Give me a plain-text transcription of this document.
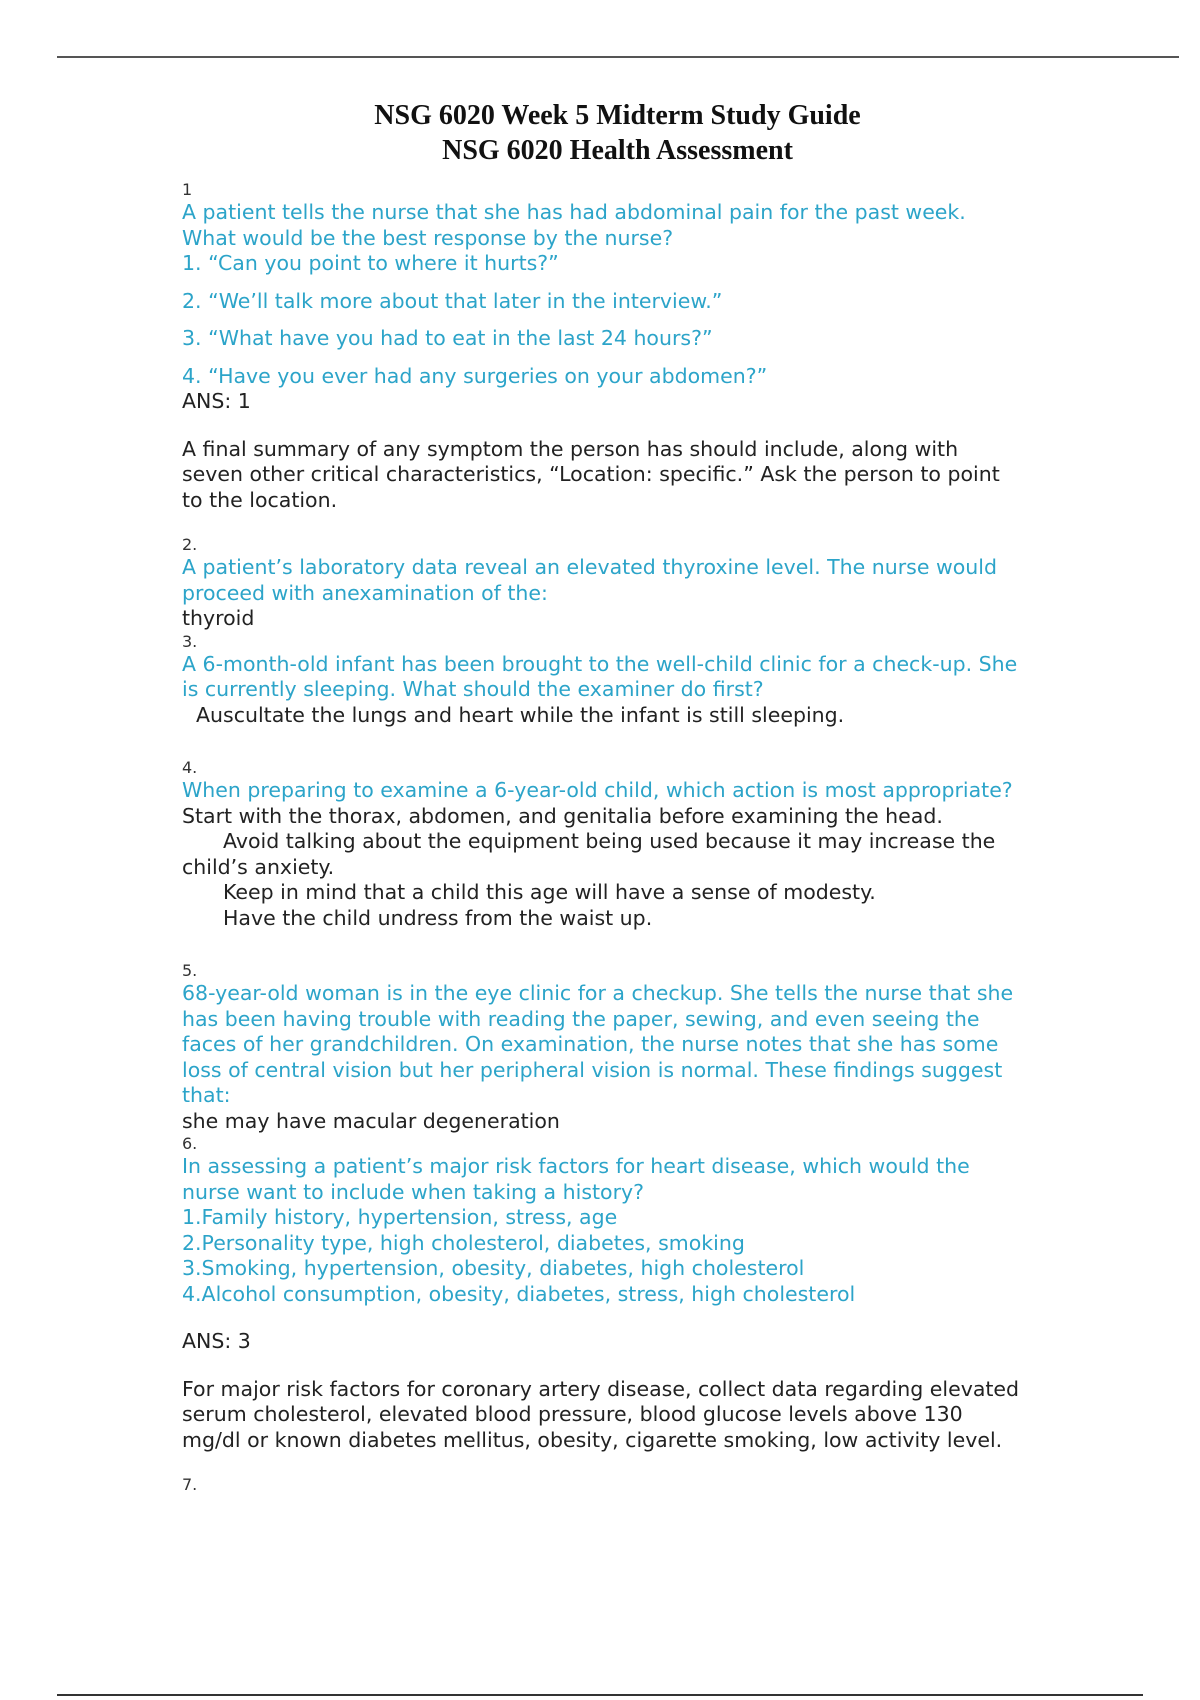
NSG 6020 Week 5 Midterm Study Guide
NSG 6020 Health Assessment

1

A patient tells the nurse that she has had abdominal pain for the past week.

What would be the best response by the nurse?

1. “Can you point to where it hurts?”

2. “We’ll talk more about that later in the interview.”

3. “What have you had to eat in the last 24 hours?”

4. “Have you ever had any surgeries on your abdomen?”

ANS: 1

A final summary of any symptom the person has should include, along with

seven other critical characteristics, “Location: specific.” Ask the person to point

to the location.

2.

A patient’s laboratory data reveal an elevated thyroxine level. The nurse would

proceed with anexamination of the:

thyroid

3.

A 6-month-old infant has been brought to the well-child clinic for a check-up. She

is currently sleeping. What should the examiner do first?

Auscultate the lungs and heart while the infant is still sleeping.

4.

When preparing to examine a 6-year-old child, which action is most appropriate?

Start with the thorax, abdomen, and genitalia before examining the head.

Avoid talking about the equipment being used because it may increase the

child’s anxiety.

Keep in mind that a child this age will have a sense of modesty.

Have the child undress from the waist up.

5.

68-year-old woman is in the eye clinic for a checkup. She tells the nurse that she

has been having trouble with reading the paper, sewing, and even seeing the

faces of her grandchildren. On examination, the nurse notes that she has some

loss of central vision but her peripheral vision is normal. These findings suggest

that:

she may have macular degeneration

6.

In assessing a patient’s major risk factors for heart disease, which would the

nurse want to include when taking a history?

1.Family history, hypertension, stress, age

2.Personality type, high cholesterol, diabetes, smoking

3.Smoking, hypertension, obesity, diabetes, high cholesterol

4.Alcohol consumption, obesity, diabetes, stress, high cholesterol

ANS: 3

For major risk factors for coronary artery disease, collect data regarding elevated

serum cholesterol, elevated blood pressure, blood glucose levels above 130

mg/dl or known diabetes mellitus, obesity, cigarette smoking, low activity level.

7.
